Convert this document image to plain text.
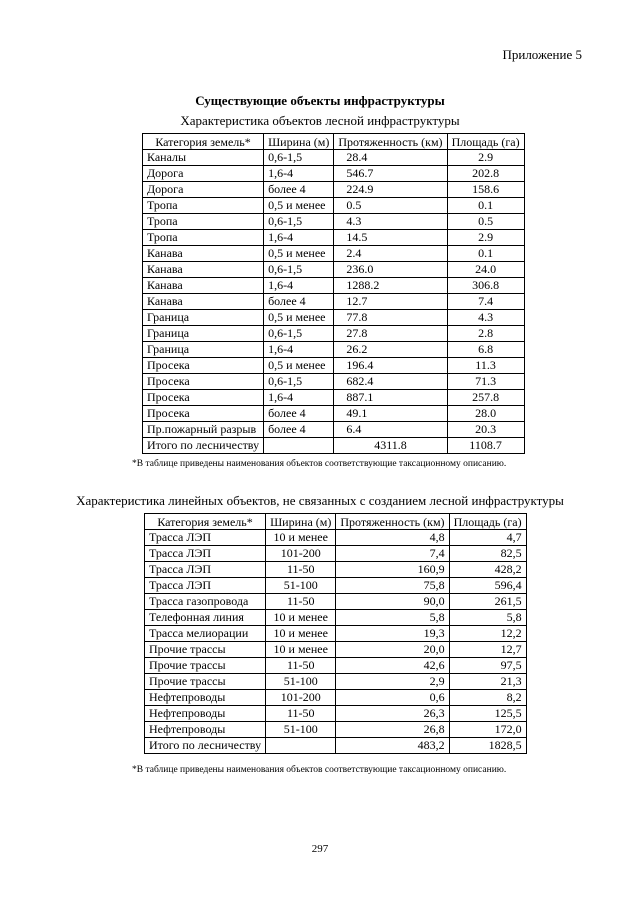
Приложение 5
Существующие объекты инфраструктуры
Характеристика объектов лесной инфраструктуры
Категория земель*	Ширина (м)	Протяженность (км)	Площадь (га)
Каналы	0,6-1,5	28.4	2.9
Дорога	1,6-4	546.7	202.8
Дорога	более 4	224.9	158.6
Тропа	0,5 и менее	0.5	0.1
Тропа	0,6-1,5	4.3	0.5
Тропа	1,6-4	14.5	2.9
Канава	0,5 и менее	2.4	0.1
Канава	0,6-1,5	236.0	24.0
Канава	1,6-4	1288.2	306.8
Канава	более 4	12.7	7.4
Граница	0,5 и менее	77.8	4.3
Граница	0,6-1,5	27.8	2.8
Граница	1,6-4	26.2	6.8
Просека	0,5 и менее	196.4	11.3
Просека	0,6-1,5	682.4	71.3
Просека	1,6-4	887.1	257.8
Просека	более 4	49.1	28.0
Пр.пожарный разрыв	более 4	6.4	20.3
Итого по лесничеству		4311.8	1108.7
*В таблице приведены наименования объектов соответствующие таксационному описанию.
Характеристика линейных объектов, не связанных с созданием лесной инфраструктуры
Категория земель*	Ширина (м)	Протяженность (км)	Площадь (га)
Трасса ЛЭП	10 и менее	4,8	4,7
Трасса ЛЭП	101-200	7,4	82,5
Трасса ЛЭП	11-50	160,9	428,2
Трасса ЛЭП	51-100	75,8	596,4
Трасса газопровода	11-50	90,0	261,5
Телефонная линия	10 и менее	5,8	5,8
Трасса мелиорации	10 и менее	19,3	12,2
Прочие трассы	10 и менее	20,0	12,7
Прочие трассы	11-50	42,6	97,5
Прочие трассы	51-100	2,9	21,3
Нефтепроводы	101-200	0,6	8,2
Нефтепроводы	11-50	26,3	125,5
Нефтепроводы	51-100	26,8	172,0
Итого по лесничеству		483,2	1828,5
*В таблице приведены наименования объектов соответствующие таксационному описанию.
297
